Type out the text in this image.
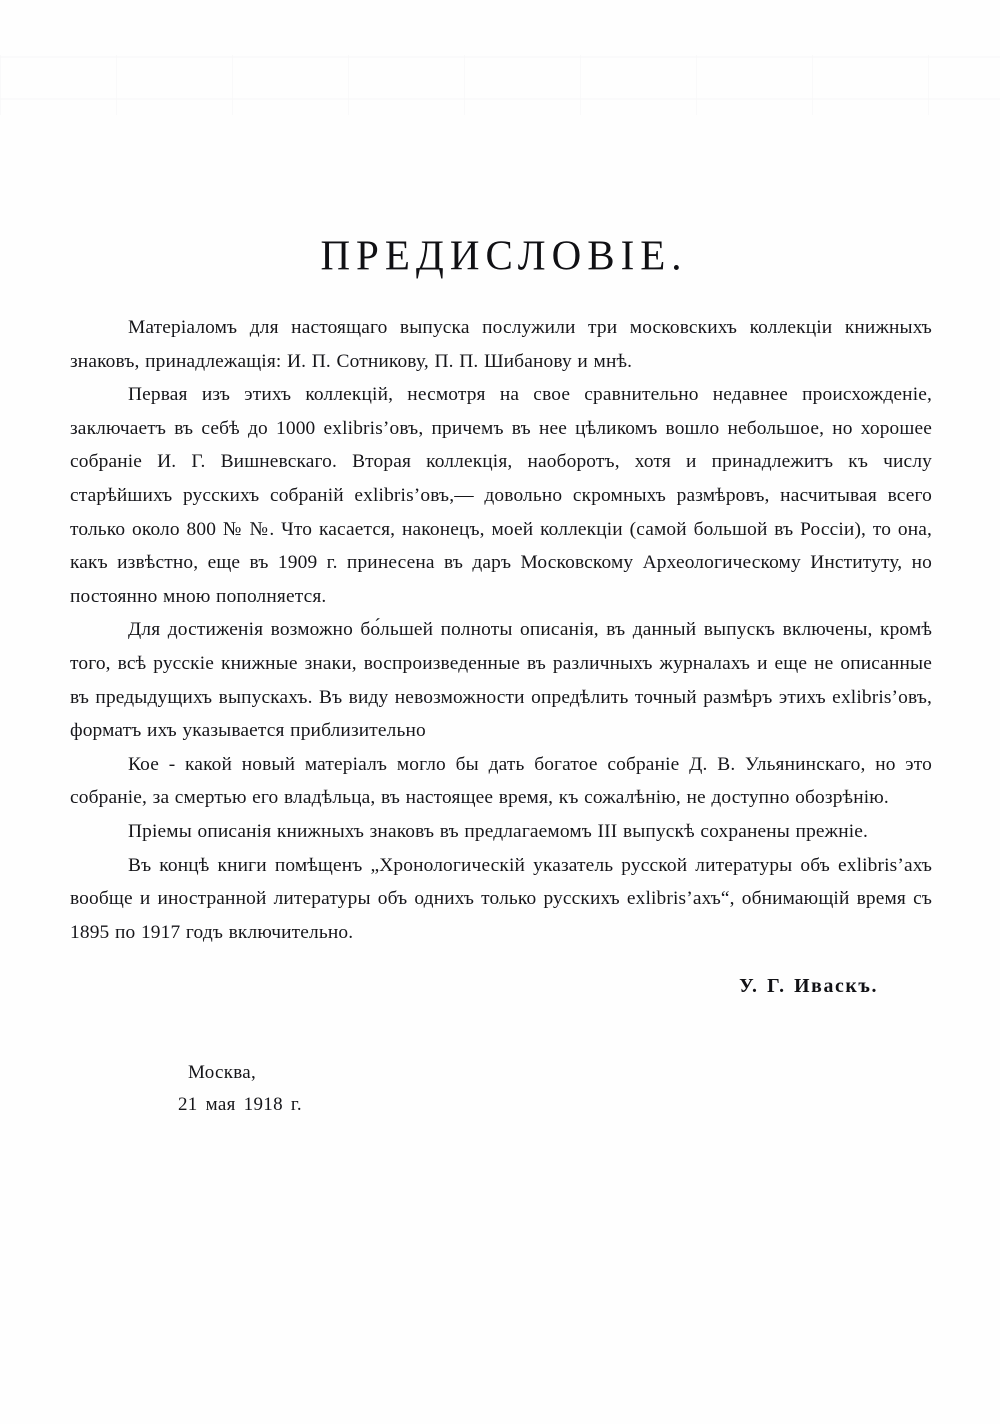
ПРЕДИСЛОВІЕ.

Матеріаломъ для настоящаго выпуска послужили три московскихъ коллекціи книжныхъ знаковъ, принадлежащія: И. П. Сотникову, П. П. Шибанову и мнѣ.

Первая изъ этихъ коллекцій, несмотря на свое сравнительно недавнее происхожденіе, заключаетъ въ себѣ до 1000 exlibris’овъ, причемъ въ нее цѣликомъ вошло небольшое, но хорошее собраніе И. Г. Вишневскаго. Вторая коллекція, наоборотъ, хотя и принадлежитъ къ числу старѣйшихъ русскихъ собраній exlibris’овъ,— довольно скромныхъ размѣровъ, насчитывая всего только около 800 № №. Что касается, наконецъ, моей коллекціи (самой большой въ Россіи), то она, какъ извѣстно, еще въ 1909 г. принесена въ даръ Московскому Археологическому Институту, но постоянно мною пополняется.

Для достиженія возможно бо́льшей полноты описанія, въ данный выпускъ включены, кромѣ того, всѣ русскіе книжные знаки, воспроизведенные въ различныхъ журналахъ и еще не описанные въ предыдущихъ выпускахъ. Въ виду невозможности опредѣлить точный размѣръ этихъ exlibris’овъ, форматъ ихъ указывается приблизительно

Кое - какой новый матеріалъ могло бы дать богатое собраніе Д. В. Ульянинскаго, но это собраніе, за смертью его владѣльца, въ настоящее время, къ сожалѣнію, не доступно обозрѣнію.

Пріемы описанія книжныхъ знаковъ въ предлагаемомъ III выпускѣ сохранены прежніе.

Въ концѣ книги помѣщенъ „Хронологическій указатель русской литературы объ exlibris’ахъ вообще и иностранной литературы объ однихъ только русскихъ exlibris’ахъ“, обнимающій время съ 1895 по 1917 годъ включительно.

У. Г. Иваскъ.
Москва,
21 мая 1918 г.
